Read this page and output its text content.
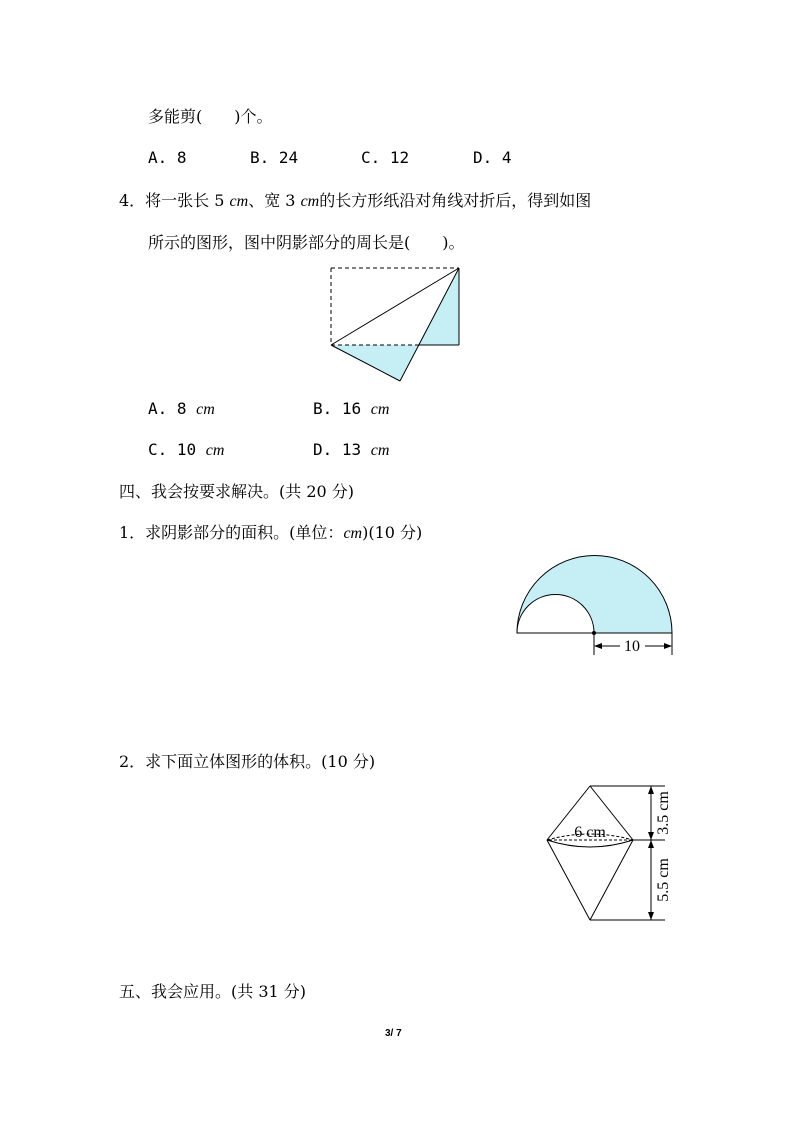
多能剪(　　)个。
A. 8	B. 24	C. 12	D. 4
4．将一张长 5 cm、宽 3 cm的长方形纸沿对角线对折后，得到如图
所示的图形，图中阴影部分的周长是(　　)。
A. 8 cm	B. 16 cm
C. 10 cm	D. 13 cm
四、我会按要求解决。(共 20 分)
1．求阴影部分的面积。(单位：cm)(10 分)
10
2．求下面立体图形的体积。(10 分)
6 cm	3.5 cm
5.5 cm
五、我会应用。(共 31 分)
3/ 7
